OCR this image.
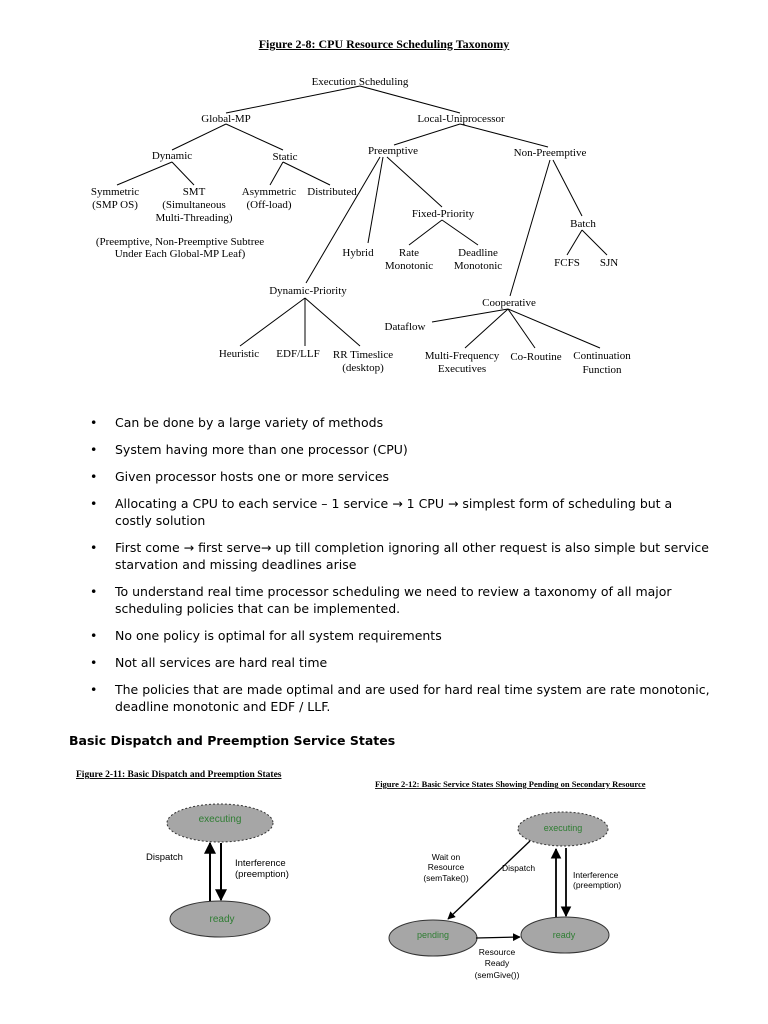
Figure 2-8: CPU Resource Scheduling Taxonomy
Execution Scheduling
Global-MP	Local-Uniprocessor
Dynamic	Static
Symmetric
(SMP OS)
SMT
(Simultaneous
Multi-Threading)
Asymmetric
(Off-load)
Distributed
(Preemptive, Non-Preemptive Subtree
Under Each Global-MP Leaf)
Preemptive	Non-Preemptive
Fixed-Priority
Hybrid Rate
Monotonic
Deadline
Monotonic
Batch
FCFS SJN
Dynamic-Priority
Cooperative
Dataflow
Heuristic EDF/LLF RR Timeslice
(desktop)
Multi-Frequency
Executives
Co-Routine Continuation
Function
• Can be done by a large variety of methods
• System having more than one processor (CPU)
• Given processor hosts one or more services
• Allocating a CPU to each service – 1 service → 1 CPU → simplest form of scheduling but a costly solution
• First come → first serve→ up till completion ignoring all other request is also simple but service starvation and missing deadlines arise
• To understand real time processor scheduling we need to review a taxonomy of all major scheduling policies that can be implemented.
• No one policy is optimal for all system requirements
• Not all services are hard real time
• The policies that are made optimal and are used for hard real time system are rate monotonic, deadline monotonic and EDF / LLF.
Basic Dispatch and Preemption Service States
Figure 2-11: Basic Dispatch and Preemption States
executing
ready
Dispatch
Interference
(preemption)
Figure 2-12: Basic Service States Showing Pending on Secondary Resource
executing
ready
pending
Wait on
Resource
(semTake())
Resource
Ready
(semGive())
Dispatch
Interference
(preemption)
